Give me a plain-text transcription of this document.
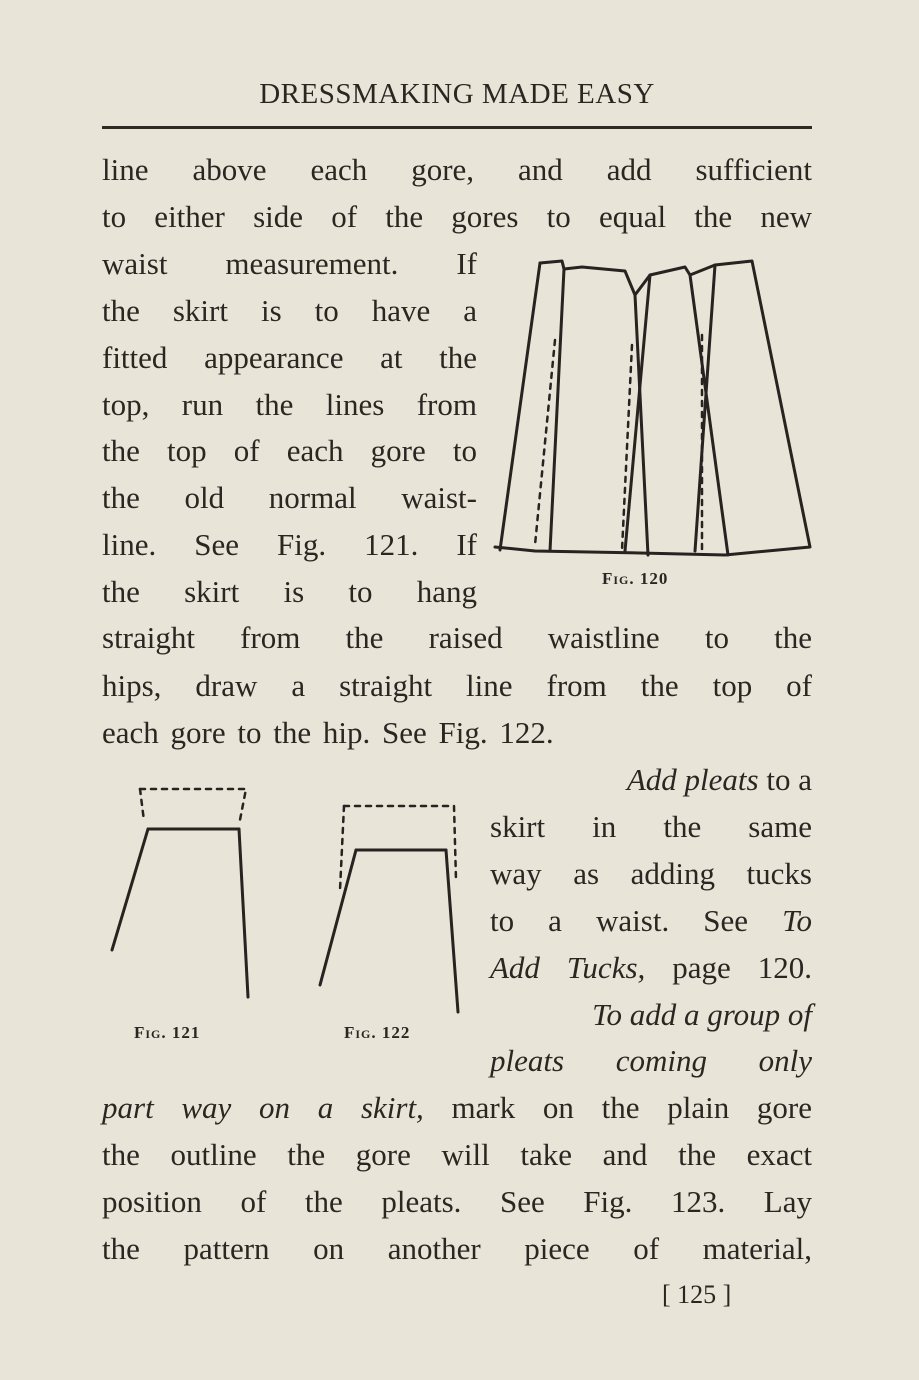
DRESSMAKING MADE EASY
line above each gore, and add sufficient
to either side of the gores to equal the new
waist measurement. If
the skirt is to have a
fitted appearance at the
top, run the lines from
the top of each gore to
the old normal waist-
line. See Fig. 121. If
the skirt is to hang
straight from the raised waistline to the
hips, draw a straight line from the top of
each gore to the hip. See Fig. 122.
Add pleats to a
skirt in the same
way as adding tucks
to a waist. See To
Add Tucks, page 120.
To add a group of
pleats coming only
part way on a skirt, mark on the plain gore
the outline the gore will take and the exact
position of the pleats. See Fig. 123. Lay
the pattern on another piece of material,
Fig. 120
Fig. 121	Fig. 122
[ 125 ]
